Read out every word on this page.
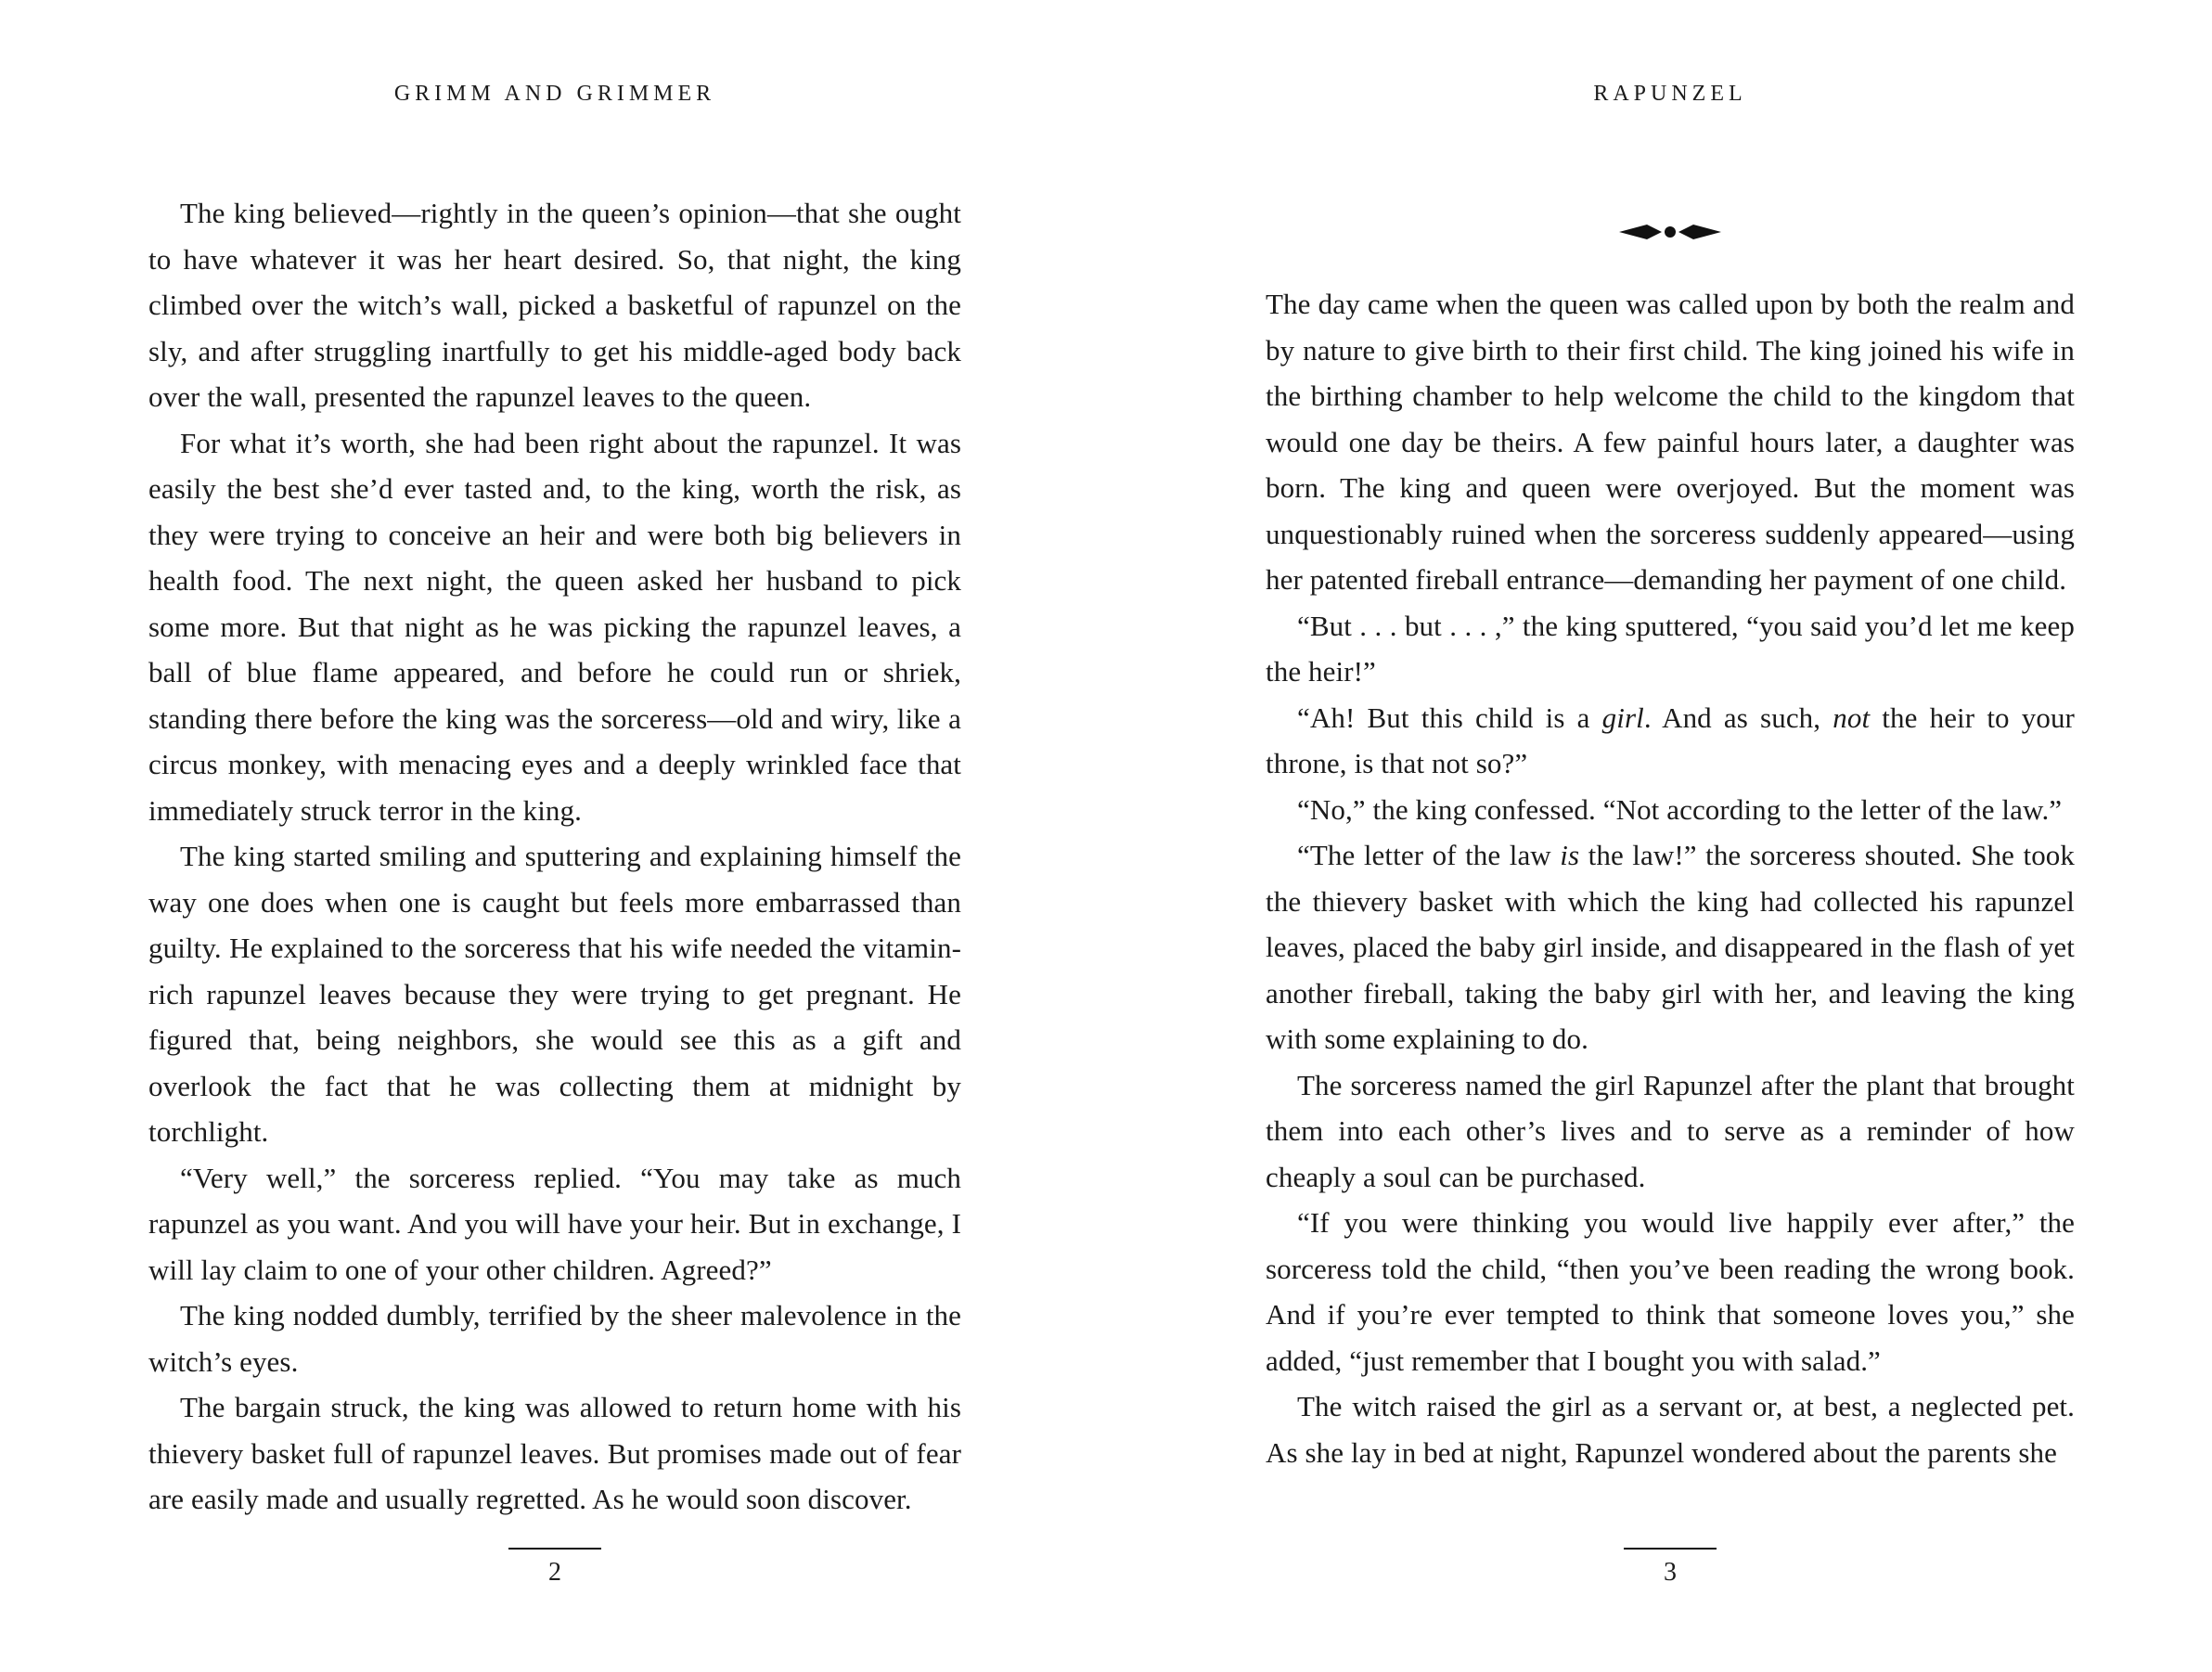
GRIMM AND GRIMMER

The king believed—rightly in the queen’s opinion—that she ought to have whatever it was her heart desired. So, that night, the king climbed over the witch’s wall, picked a basketful of rapunzel on the sly, and after struggling inartfully to get his middle-aged body back over the wall, presented the rapunzel leaves to the queen.

For what it’s worth, she had been right about the rapunzel. It was easily the best she’d ever tasted and, to the king, worth the risk, as they were trying to conceive an heir and were both big believers in health food. The next night, the queen asked her husband to pick some more. But that night as he was picking the rapunzel leaves, a ball of blue flame appeared, and before he could run or shriek, standing there before the king was the sorceress—old and wiry, like a circus monkey, with menacing eyes and a deeply wrinkled face that immediately struck terror in the king.

The king started smiling and sputtering and explaining himself the way one does when one is caught but feels more embarrassed than guilty. He explained to the sorceress that his wife needed the vitamin-rich rapunzel leaves because they were trying to get pregnant. He figured that, being neighbors, she would see this as a gift and overlook the fact that he was collecting them at midnight by torchlight.

“Very well,” the sorceress replied. “You may take as much rapunzel as you want. And you will have your heir. But in exchange, I will lay claim to one of your other children. Agreed?”

The king nodded dumbly, terrified by the sheer malevolence in the witch’s eyes.

The bargain struck, the king was allowed to return home with his thievery basket full of rapunzel leaves. But promises made out of fear are easily made and usually regretted. As he would soon discover.

2
RAPUNZEL

The day came when the queen was called upon by both the realm and by nature to give birth to their first child. The king joined his wife in the birthing chamber to help welcome the child to the kingdom that would one day be theirs. A few painful hours later, a daughter was born. The king and queen were overjoyed. But the moment was unquestionably ruined when the sorceress suddenly appeared—using her patented fireball entrance—demanding her payment of one child.

“But . . . but . . . ,” the king sputtered, “you said you’d let me keep the heir!”

“Ah! But this child is a girl. And as such, not the heir to your throne, is that not so?”

“No,” the king confessed. “Not according to the letter of the law.”

“The letter of the law is the law!” the sorceress shouted. She took the thievery basket with which the king had collected his rapunzel leaves, placed the baby girl inside, and disappeared in the flash of yet another fireball, taking the baby girl with her, and leaving the king with some explaining to do.

The sorceress named the girl Rapunzel after the plant that brought them into each other’s lives and to serve as a reminder of how cheaply a soul can be purchased.

“If you were thinking you would live happily ever after,” the sorceress told the child, “then you’ve been reading the wrong book. And if you’re ever tempted to think that someone loves you,” she added, “just remember that I bought you with salad.”

The witch raised the girl as a servant or, at best, a neglected pet. As she lay in bed at night, Rapunzel wondered about the parents she

3
